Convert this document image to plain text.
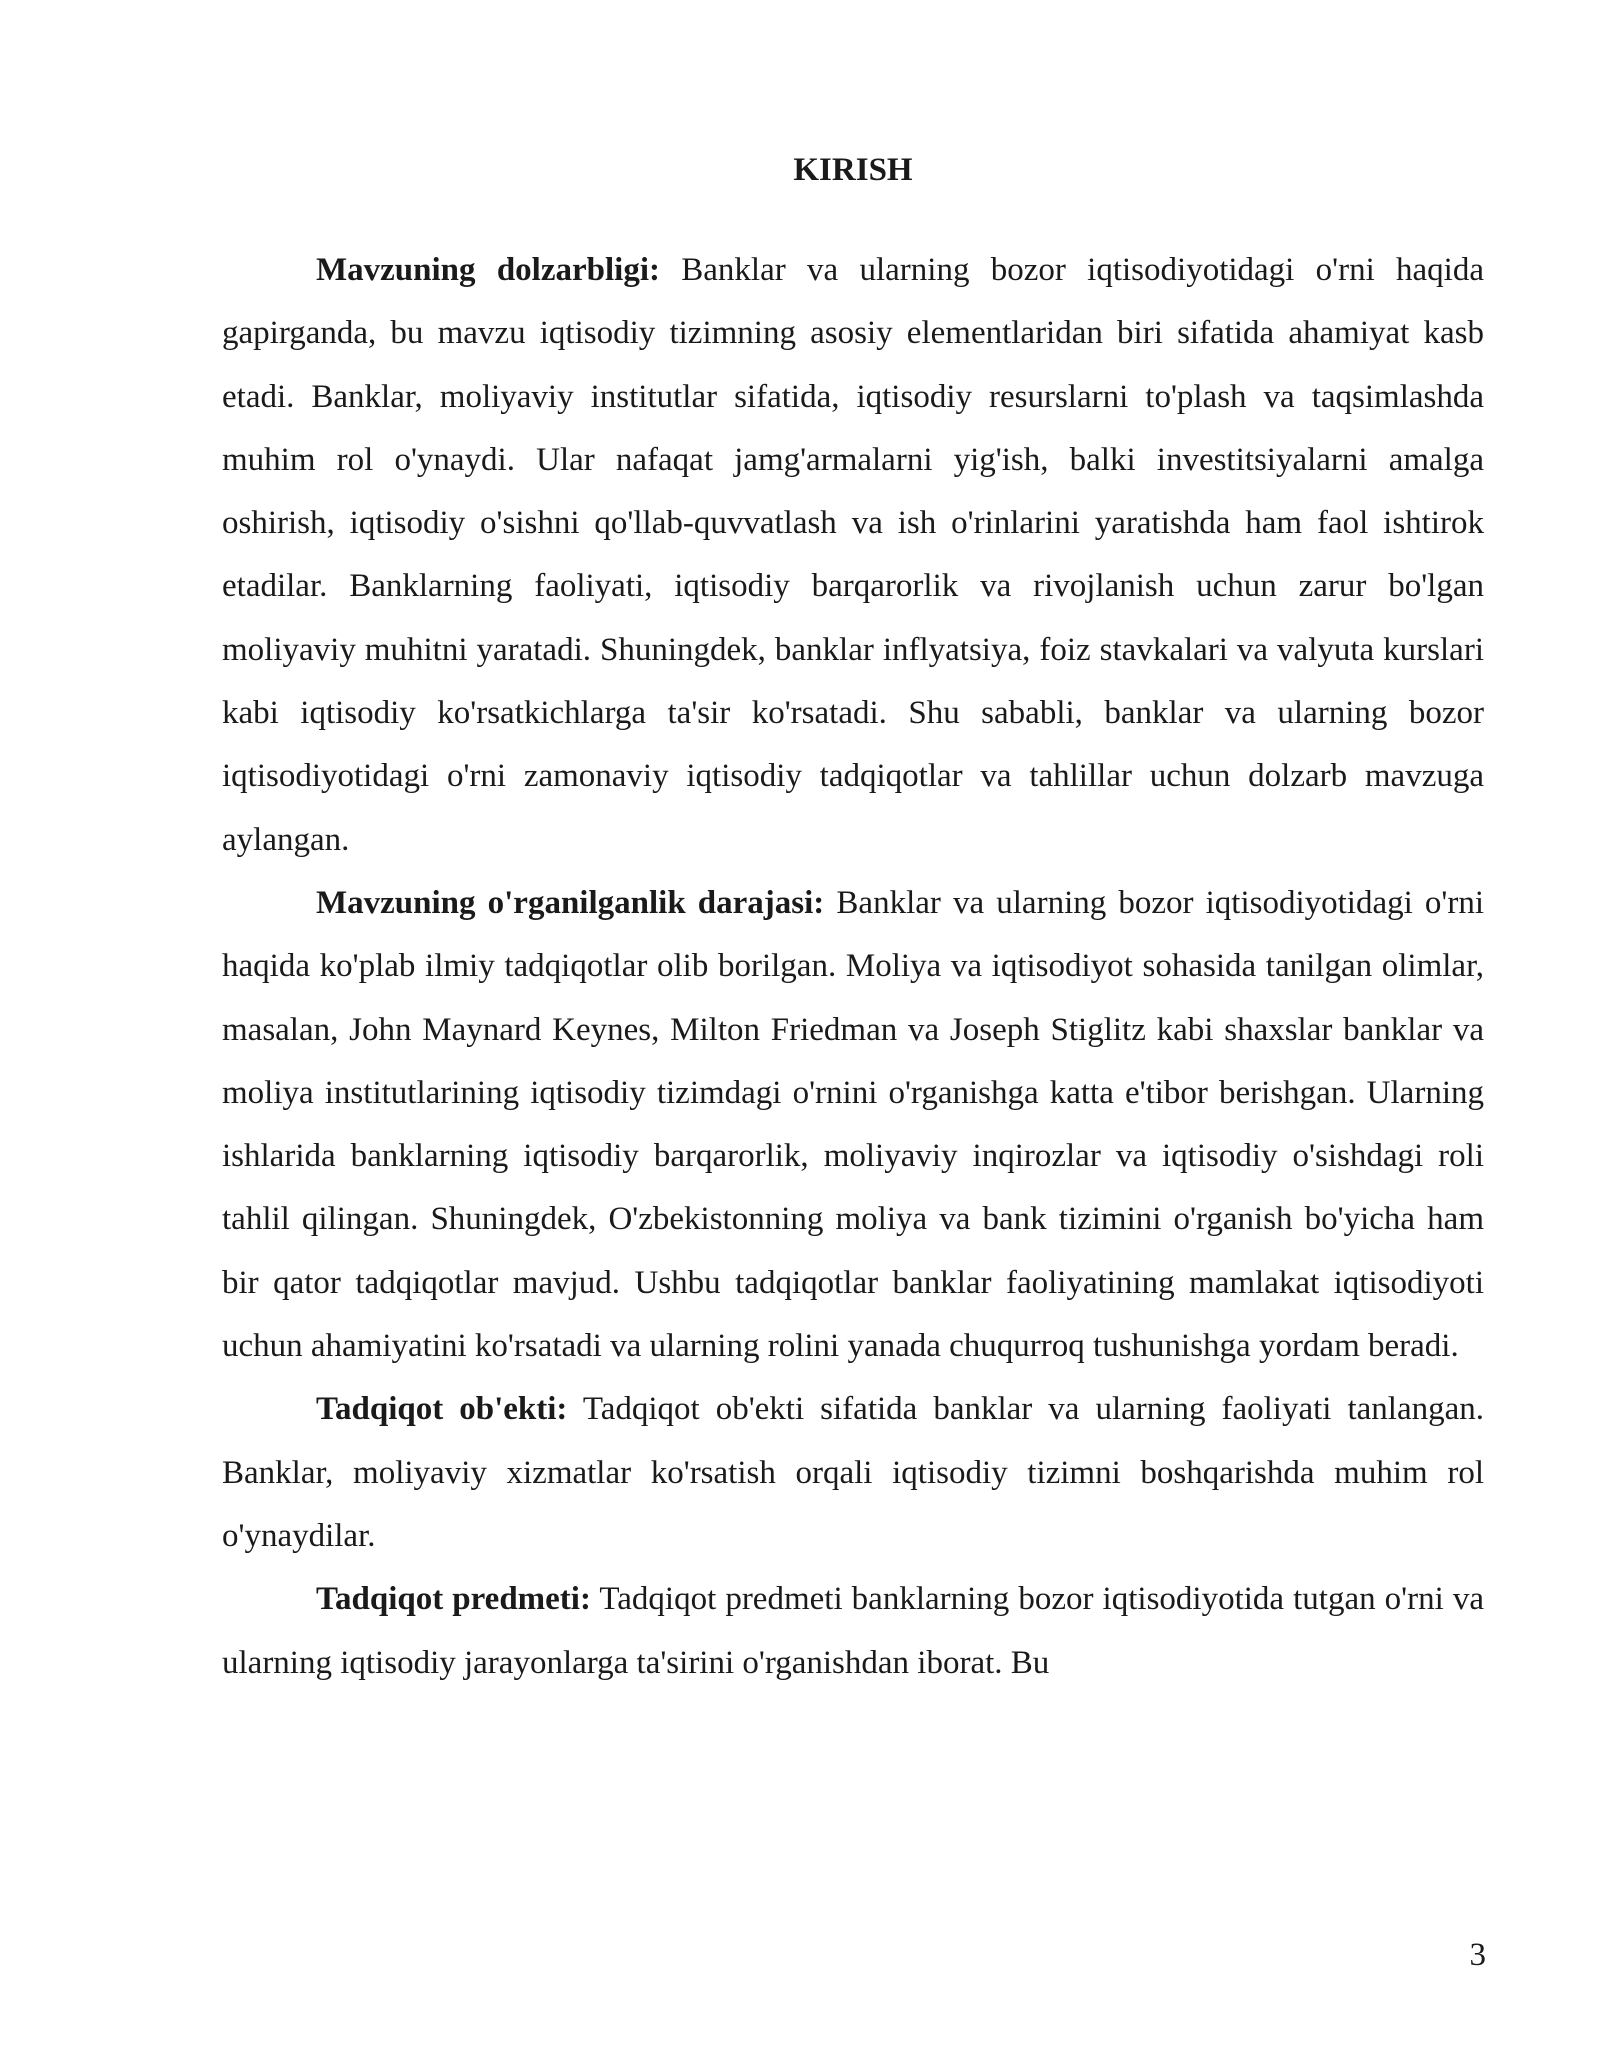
KIRISH

Mavzuning dolzarbligi: Banklar va ularning bozor iqtisodiyotidagi o'rni haqida gapirganda, bu mavzu iqtisodiy tizimning asosiy elementlaridan biri sifatida ahamiyat kasb etadi. Banklar, moliyaviy institutlar sifatida, iqtisodiy resurslarni to'plash va taqsimlashda muhim rol o'ynaydi. Ular nafaqat jamg'armalarni yig'ish, balki investitsiyalarni amalga oshirish, iqtisodiy o'sishni qo'llab-quvvatlash va ish o'rinlarini yaratishda ham faol ishtirok etadilar. Banklarning faoliyati, iqtisodiy barqarorlik va rivojlanish uchun zarur bo'lgan moliyaviy muhitni yaratadi. Shuningdek, banklar inflyatsiya, foiz stavkalari va valyuta kurslari kabi iqtisodiy ko'rsatkichlarga ta'sir ko'rsatadi. Shu sababli, banklar va ularning bozor iqtisodiyotidagi o'rni zamonaviy iqtisodiy tadqiqotlar va tahlillar uchun dolzarb mavzuga aylangan.

Mavzuning o'rganilganlik darajasi: Banklar va ularning bozor iqtisodiyotidagi o'rni haqida ko'plab ilmiy tadqiqotlar olib borilgan. Moliya va iqtisodiyot sohasida tanilgan olimlar, masalan, John Maynard Keynes, Milton Friedman va Joseph Stiglitz kabi shaxslar banklar va moliya institutlarining iqtisodiy tizimdagi o'rnini o'rganishga katta e'tibor berishgan. Ularning ishlarida banklarning iqtisodiy barqarorlik, moliyaviy inqirozlar va iqtisodiy o'sishdagi roli tahlil qilingan. Shuningdek, O'zbekistonning moliya va bank tizimini o'rganish bo'yicha ham bir qator tadqiqotlar mavjud. Ushbu tadqiqotlar banklar faoliyatining mamlakat iqtisodiyoti uchun ahamiyatini ko'rsatadi va ularning rolini yanada chuqurroq tushunishga yordam beradi.

Tadqiqot ob'ekti: Tadqiqot ob'ekti sifatida banklar va ularning faoliyati tanlangan. Banklar, moliyaviy xizmatlar ko'rsatish orqali iqtisodiy tizimni boshqarishda muhim rol o'ynaydilar.

Tadqiqot predmeti: Tadqiqot predmeti banklarning bozor iqtisodiyotida tutgan o'rni va ularning iqtisodiy jarayonlarga ta'sirini o'rganishdan iborat. Bu

3
